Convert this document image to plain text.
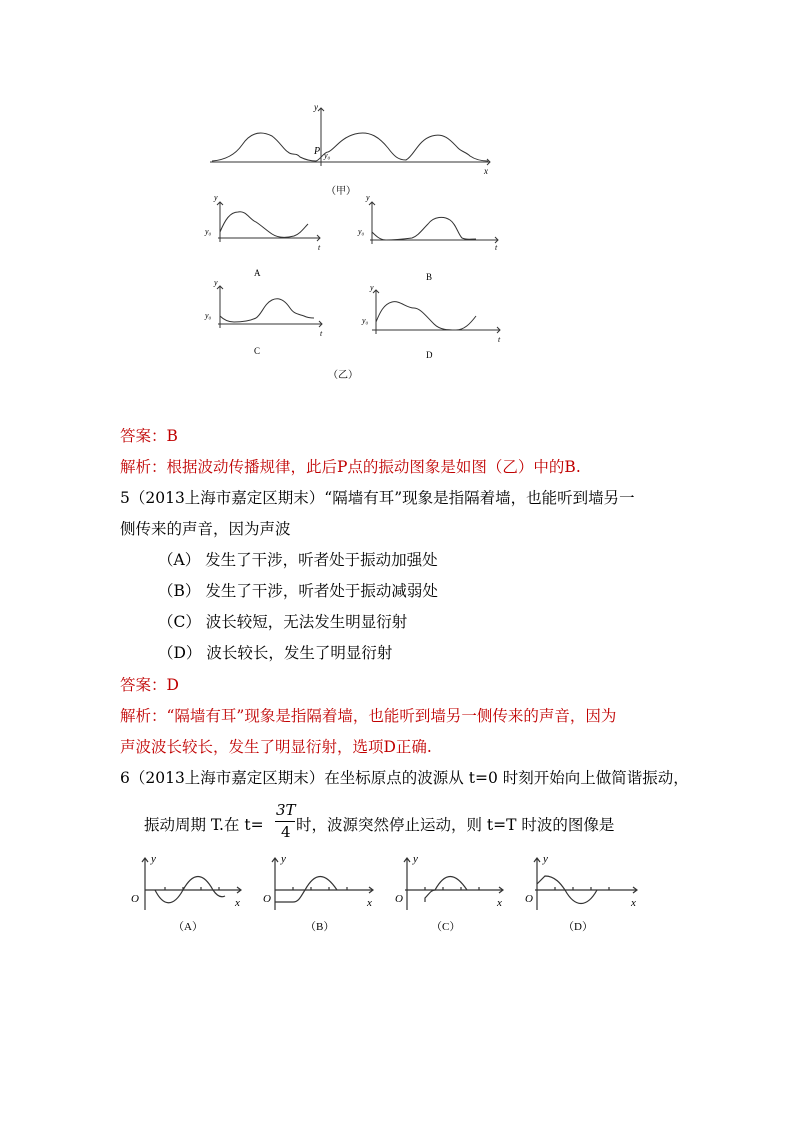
y
x
P y₀
（甲）
y
t
y₀
y
t
y₀
y
t
y₀
y
t
y₀
A	B
C	D
（乙）
答案：B
解析：根据波动传播规律，此后P点的振动图象是如图（乙）中的B.
5（2013上海市嘉定区期末）“隔墙有耳”现象是指隔着墙，也能听到墙另一
侧传来的声音，因为声波
（A） 发生了干涉，听者处于振动加强处
（B） 发生了干涉，听者处于振动减弱处
（C） 波长较短，无法发生明显衍射
（D） 波长较长，发生了明显衍射
答案：D
解析：“隔墙有耳”现象是指隔着墙，也能听到墙另一侧传来的声音，因为
声波波长较长，发生了明显衍射，选项D正确.
6（2013上海市嘉定区期末）在坐标原点的波源从 t=0 时刻开始向上做简谐振动，
振动周期 T.在 t=
3T
4 时，波源突然停止运动，则 t=T 时波的图像是
y
x
O
y
x
O
y
x
O
y
x
O
（A）	（B）	（C）	（D）
